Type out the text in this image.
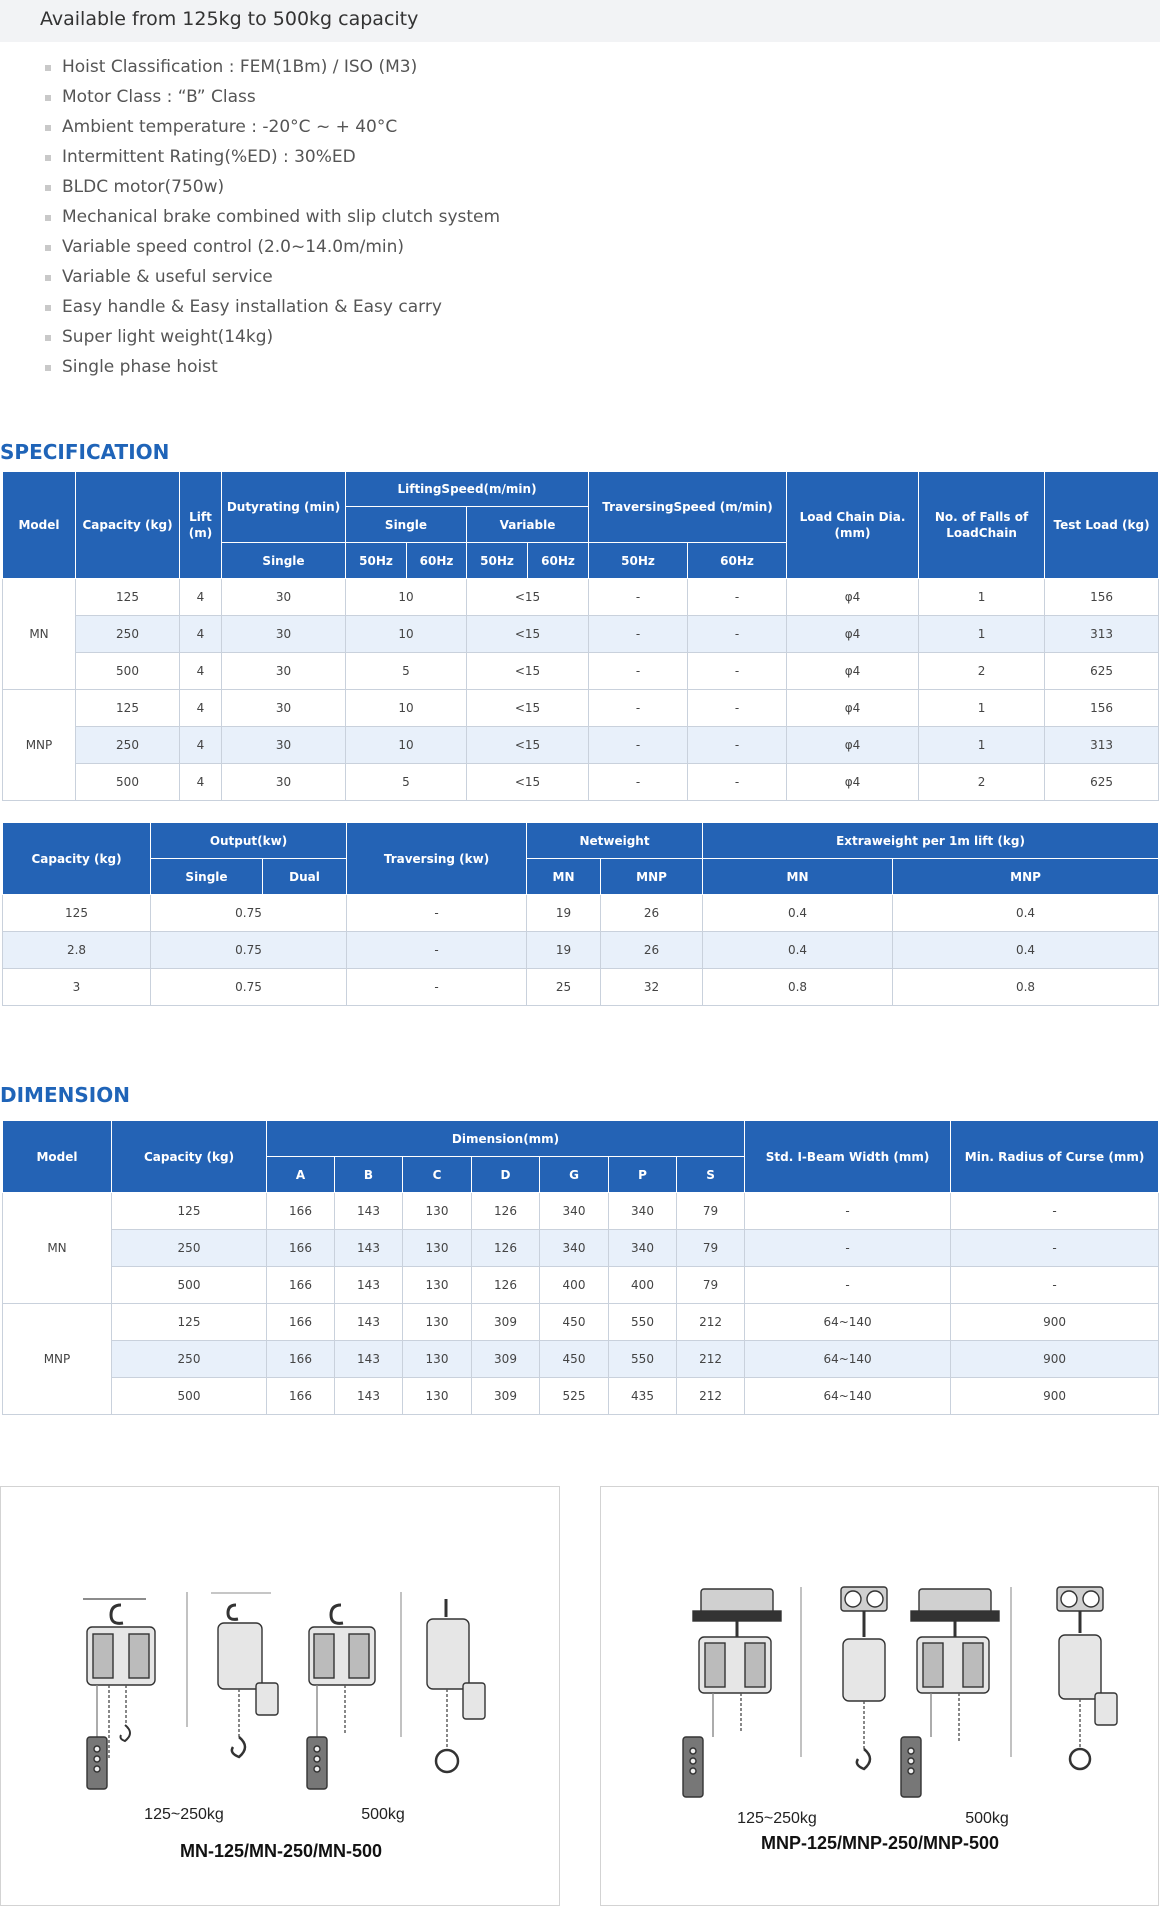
Available from 125kg to 500kg capacity
Hoist Classification : FEM(1Bm) / ISO (M3)
Motor Class : “B” Class
Ambient temperature : -20°C ~ + 40°C
Intermittent Rating(%ED) : 30%ED
BLDC motor(750w)
Mechanical brake combined with slip clutch system
Variable speed control (2.0~14.0m/min)
Variable & useful service
Easy handle & Easy installation & Easy carry
Super light weight(14kg)
Single phase hoist
SPECIFICATION
Model	Capacity (kg)	Lift (m)	Dutyrating (min)	LiftingSpeed(m/min)				TraversingSpeed (m/min)		Load Chain Dia.(mm)	No. of Falls of LoadChain	Test Load (kg)
				Single		Variable						
			Single	50Hz	60Hz	50Hz	60Hz	50Hz	60Hz			
MN	125	4	30	10		<15		-	-	φ4	1	156
	250	4	30	10		<15		-	-	φ4	1	313
	500	4	30	5		<15		-	-	φ4	2	625
MNP	125	4	30	10		<15		-	-	φ4	1	156
	250	4	30	10		<15		-	-	φ4	1	313
	500	4	30	5		<15		-	-	φ4	2	625
Capacity (kg)	Output(kw)		Traversing (kw)	Netweight		Extraweight per 1m lift (kg)	
	Single	Dual		MN	MNP	MN	MNP
125	0.75		-	19	26	0.4	0.4
2.8	0.75		-	19	26	0.4	0.4
3	0.75		-	25	32	0.8	0.8
DIMENSION
Model	Capacity (kg)	Dimension(mm)							Std. I-Beam Width (mm)	Min. Radius of Curse (mm)
		A	B	C	D	G	P	S		
MN	125	166	143	130	126	340	340	79	-	-
	250	166	143	130	126	340	340	79	-	-
	500	166	143	130	126	400	400	79	-	-
MNP	125	166	143	130	309	450	550	212	64~140	900
	250	166	143	130	309	450	550	212	64~140	900
	500	166	143	130	309	525	435	212	64~140	900
125~250kg	500kg
MN-125/MN-250/MN-500
125~250kg	500kg
MNP-125/MNP-250/MNP-500
